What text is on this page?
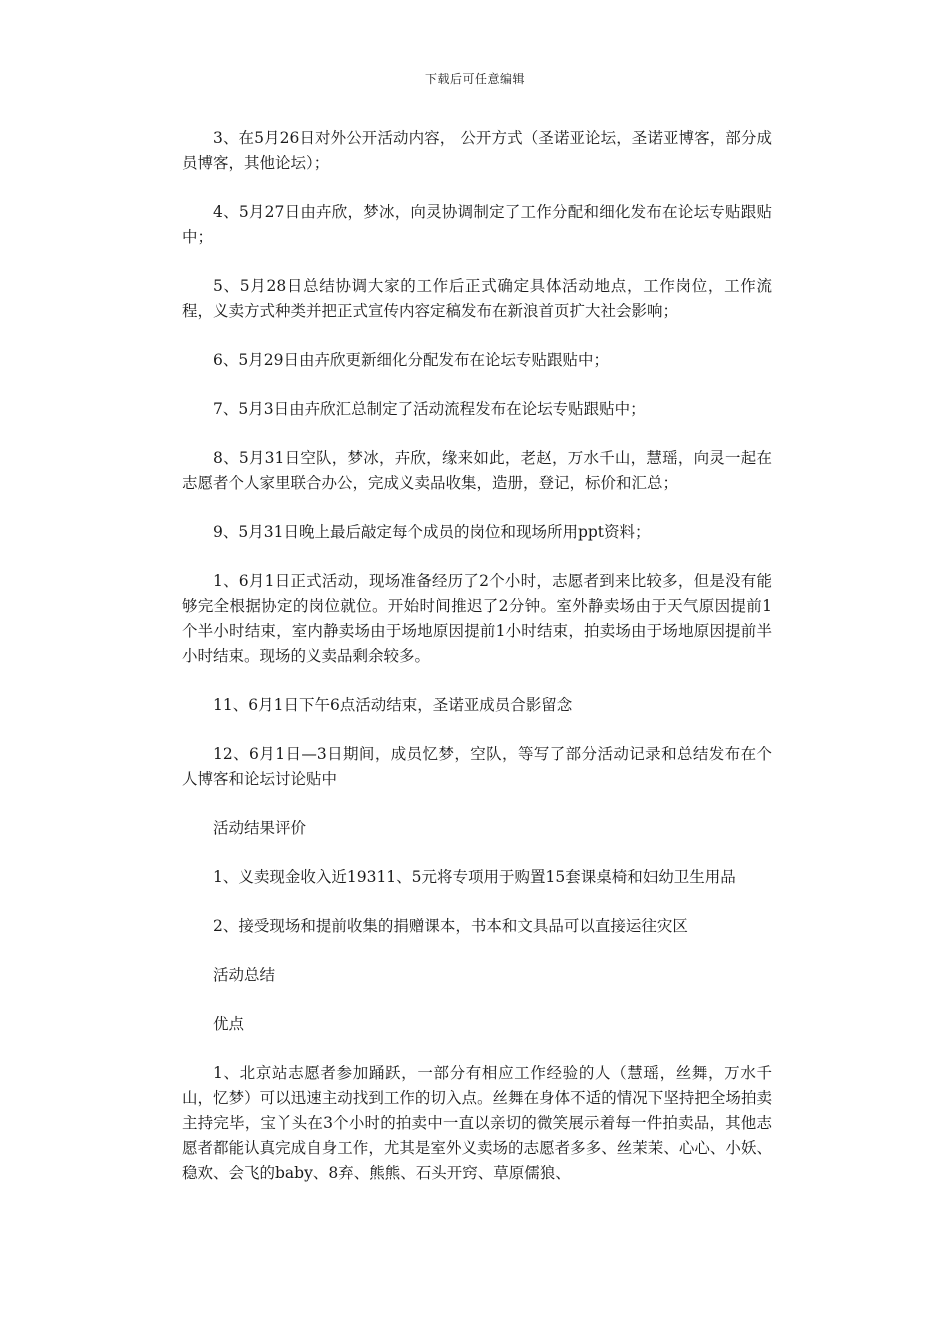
下载后可任意编辑

3、在5月26日对外公开活动内容， 公开方式（圣诺亚论坛，圣诺亚博客，部分成员博客，其他论坛）；

4、5月27日由卉欣，梦冰，向灵协调制定了工作分配和细化发布在论坛专贴跟贴中；

5、5月28日总结协调大家的工作后正式确定具体活动地点，工作岗位，工作流程，义卖方式种类并把正式宣传内容定稿发布在新浪首页扩大社会影响；

6、5月29日由卉欣更新细化分配发布在论坛专贴跟贴中；

7、5月3日由卉欣汇总制定了活动流程发布在论坛专贴跟贴中；

8、5月31日空队，梦冰，卉欣，缘来如此，老赵，万水千山，慧瑶，向灵一起在志愿者个人家里联合办公，完成义卖品收集，造册，登记，标价和汇总；

9、5月31日晚上最后敲定每个成员的岗位和现场所用ppt资料；

1、6月1日正式活动，现场准备经历了2个小时，志愿者到来比较多，但是没有能够完全根据协定的岗位就位。开始时间推迟了2分钟。室外静卖场由于天气原因提前1个半小时结束，室内静卖场由于场地原因提前1小时结束，拍卖场由于场地原因提前半小时结束。现场的义卖品剩余较多。

11、6月1日下午6点活动结束，圣诺亚成员合影留念

12、6月1日—3日期间，成员忆梦，空队，等写了部分活动记录和总结发布在个人博客和论坛讨论贴中

活动结果评价

1、义卖现金收入近19311、5元将专项用于购置15套课桌椅和妇幼卫生用品

2、接受现场和提前收集的捐赠课本，书本和文具品可以直接运往灾区

活动总结

优点

1、北京站志愿者参加踊跃，一部分有相应工作经验的人（慧瑶，丝舞，万水千山，忆梦）可以迅速主动找到工作的切入点。丝舞在身体不适的情况下坚持把全场拍卖主持完毕，宝丫头在3个小时的拍卖中一直以亲切的微笑展示着每一件拍卖品，其他志愿者都能认真完成自身工作，尤其是室外义卖场的志愿者多多、丝茉茉、心心、小妖、稳欢、会飞的baby、8弃、熊熊、石头开窍、草原儒狼、
